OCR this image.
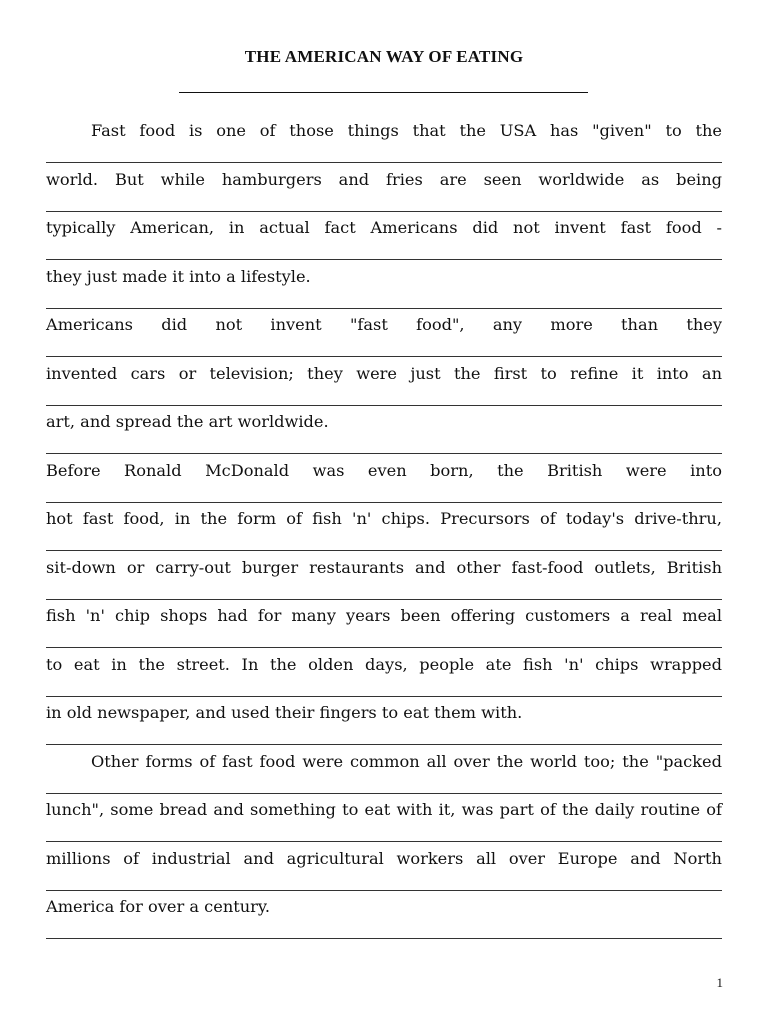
THE AMERICAN WAY OF EATING
Fast food is one of those things that the USA has "given" to the
world. But while hamburgers and fries are seen worldwide as being
typically American, in actual fact Americans did not invent fast food -
they just made it into a lifestyle.
Americans did not invent "fast food", any more than they
invented cars or television; they were just the first to refine it into an
art, and spread the art worldwide.
Before Ronald McDonald was even born, the British were into
hot fast food, in the form of fish 'n' chips. Precursors of today's drive-thru,
sit-down or carry-out burger restaurants and other fast-food outlets, British
fish 'n' chip shops had for many years been offering customers a real meal
to eat in the street. In the olden days, people ate fish 'n' chips wrapped
in old newspaper, and used their fingers to eat them with.
Other forms of fast food were common all over the world too; the "packed
lunch", some bread and something to eat with it, was part of the daily routine of
millions of industrial and agricultural workers all over Europe and North
America for over a century.
1
